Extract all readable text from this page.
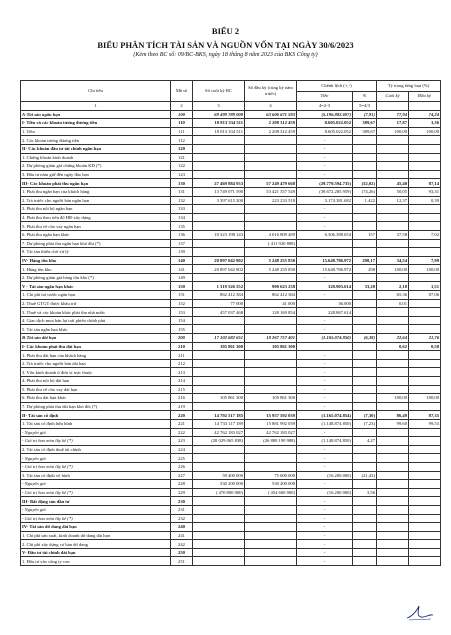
BIỂU 2
BIỂU PHÂN TÍCH TÀI SẢN VÀ NGUỒN VỐN TẠI NGÀY 30/6/2023
(Kèm theo BC số: 09/BC-BKS, ngày 18 tháng 8 năm 2023 của BKS Công ty)
Chỉ tiêu	Mã số	Số cuối kỳ BC	Số đầu kỳ (cùng kỳ năm trước)	Chênh lệch (+,-)		Tỷ trọng từng loại (%)	
				Tiền	%	Cuối kỳ	Đầu kỳ
1	2	3	4	4=2-3	5=4/3		
A-Tài sản ngắn hạn	100	69 499 789 008	63 606 671 593	(5.196.882.697)	(7,91)	77,94	74,24
I- Tiền và các khoản tương đương tiền	110	10 813 334 511	2 208 312 459	8.605.022.052	389,67	17,87	3,36
1. Tiền	111	10 813 334 511	2 208 312 459	8.605.022.052	389,67	100,00	100,00
2. Các khoản tương đương tiền	112			-			
II- Các khoản đầu tư tài chính ngắn hạn	120			-			
1. Chứng khoán kinh doanh	121			-			
2. Dự phòng giảm giá chứng khoán KD (*)	122			-			
3. Đầu tư nắm giữ đến ngày đáo hạn	123			-			
III- Các khoản phải thu ngắn hạn	130	27 469 884 933	57 249 479 668	(29.779.594.735)	(52,02)	45,40	87,14
1. Phải thu ngắn hạn của khách hàng	131	13 749 071 590	53 421 357 549	(39.672.285.959)	(74,26)	50,05	93,31
2. Trả trước cho người bán ngắn hạn	132	3 397 615 200	223 233 518	3.174.381.682	1.422	12,37	0,39
3. Phải thu nội bộ ngắn hạn	133			-			
4. Phải thu theo tiến độ HĐ xây dựng	134			-			
5. Phải thu về cho vay ngắn hạn	135			-			
6. Phải thu ngắn hạn khác	136	10 323 198 143	4 016 809 489	6.306.388.654	157	37,58	7,02
7. Dự phòng phải thu ngắn hạn khó đòi (*)	137		( 411 920 888)				
8. Tài sản thiếu chờ xử lý	139						
IV- Hàng tồn kho	140	20 897 042 802	5 248 255 830	15.648.786.972	298,17	34,54	7,99
1. Hàng tồn kho	141	20 897 042 802	5 248 255 830	15.648.786.972	298	100,00	100,00
2. Dự phòng giảm giá hàng tồn kho (*)	149			-			
V - Tài sản ngắn hạn khác	150	1 319 526 552	990 623 238	328.903.614	33,20	2,18	1,51
1. Chi phí trả trước ngắn hạn	151	862 412 384	862 412 384	-		65,36	87,06
2. Thuế GTGT được khấu trừ	152	77 000	41 000	36.000		0,01	
3. Thuế và các khoản khác phải thu nhà nước	153	457 037 468	128 169 854	228.867.614			
4. Giao dịch mua bán lại trái phiếu chính phủ	154			-			
5. Tài sản ngắn hạn khác	155			-			
B-Tài sản dài hạn	200	17 102 682 651	18 267 757 401	(1.165.074.850)	(6,38)	22,64	21,76
I- Các khoản phải thu dài hạn	210	105 861 300	105 861 300			0,62	0,58
1. Phải thu dài hạn của khách hàng	211			-			
2. Trả trước cho người bán dài hạn	212			-			
3. Vốn kinh doanh ở đơn vị trực thuộc	213			-			
4. Phải thu nội bộ dài hạn	214			-			
5. Phải thu về cho vay dài hạn	215			-			
6. Phải thu dài hạn khác	216	105 861 300	105 861 300	-		100,00	100,00
7. Dự phòng phải thu dài hạn khó đòi (*)	219			-			
II- Tài sản cố định	220	14 792 517 185	15 957 592 039	(1.165.074.854)	(7,30)	86,49	87,35
1. Tài sản cố định hữu hình	221	14 733 117 189	15 881 992 039	(1.148.874.850)	(7,23)	99,60	99,53
- Nguyên giá	222	42 762 183 027	42 762 183 027	-			
- Giá trị hao mòn lũy kế (*)	223	(28 029 065 838)	(26 880 190 988)	(1.148.874.850)	4,27		
2. Tài sản cố định thuê tài chính	224			-			
- Nguyên giá	225			-			
- Giá trị hao mòn lũy kế (*)	226			-			
3. Tài sản cố định vô hình	227	59 400 000	75 600 000	(16.200.000)	(21,43)		
- Nguyên giá	228	530 200 000	530 200 000	-			
- Giá trị hao mòn lũy kế (*)	229	( 470 800 000)	( 454 600 000)	(16.200.000)	3,56		
III- Bất động sản đầu tư	230			-			
- Nguyên giá	231			-			
- Giá trị hao mòn lũy kế (*)	232			-			
IV- Tài sản dở dang dài hạn	240			-			
1. Chi phí sản xuất, kinh doanh dở dang dài hạn	241			-			
2. Chi phí xây dựng cơ bản dở dang	242			-			
V- Đầu tư tài chính dài hạn	250			-			
1. Đầu tư vào công ty con	251			-			
